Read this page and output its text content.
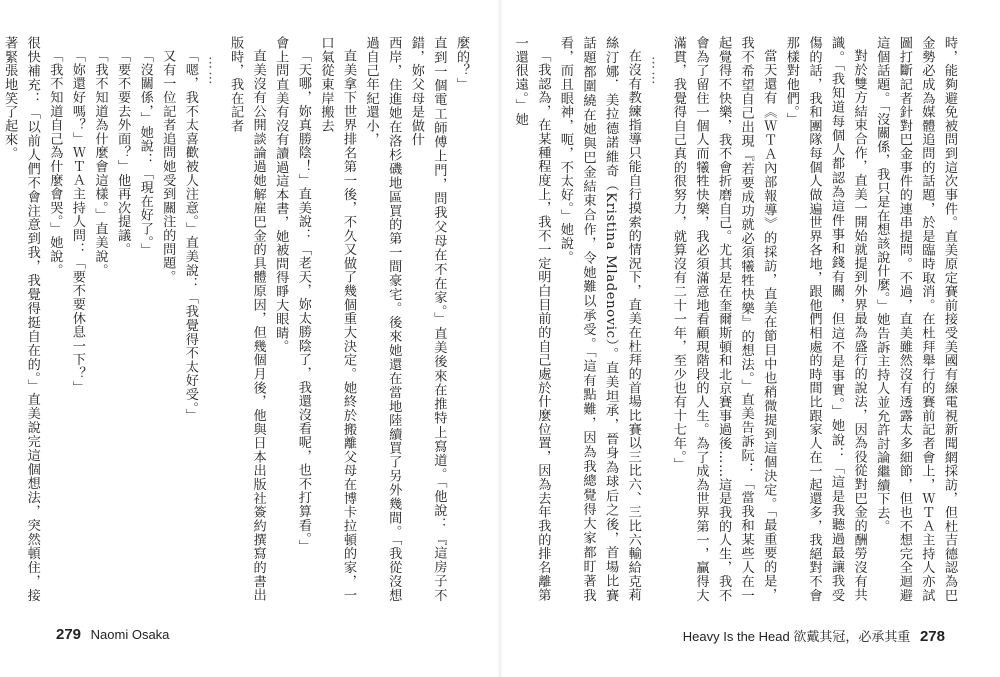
麼的？」

直到一個電工師傅上門，問我父母在不在家。」直美後來在推特上寫道。「他說：『這房子不錯，妳父母是做什

西岸，住進她在洛杉磯地區買的第一間豪宅。後來她還在當地陸續買了另外幾間。「我從沒想過自己年紀還小，

直美拿下世界排名第一後，不久又做了幾個重大決定。她終於搬離父母在博卡拉頓的家，一口氣從東岸搬去

「天哪，妳真勝陰！」直美說：「老天，妳太勝陰了，我還沒看呢，也不打算看。」

會上問直美有沒有讀過這本書，她被問得睜大眼睛。

直美沒有公開談論過她解雇巴金的具體原因，但幾個月後，他與日本出版社簽約撰寫的書出版時，我在記者

……

「嗯，我不太喜歡被人注意。」直美說：「我覺得不太好受。」

又有一位記者追問她受到關注的問題。

「沒關係，」她說：「現在好了。」

「要不要去外面？」他再次提議。

「我不知道為什麼會這樣。」直美說。

「妳還好嗎？」ＷＴＡ主持人問：「要不要休息一下？」

「我不知道自己為什麼會哭。」她說。

很快補充：「以前人們不會注意到我，我覺得挺自在的。」直美說完這個想法，突然頓住，接著緊張地笑了起來。

279 Naomi Osaka

時，能夠避免被問到這次事件。直美原定賽前接受美國有線電視新聞網採訪，但杜吉德認為巴金勢必成為媒體追問的話題，於是臨時取消。在杜拜舉行的賽前記者會上，ＷＴＡ主持人亦試圖打斷記者針對巴金事件的連串提問。不過，直美雖然沒有透露太多細節，但也不想完全迴避這個話題。「沒關係，我只是在想該說什麼。」她告訴主持人並允許討論繼續下去。

對於雙方結束合作，直美一開始就提到外界最為盛行的說法，因為役從對巴金的酬勞沒有共識。「我知道每個人都認為這件事和錢有關，但這不是事實。」她說：「這是我聽過最讓我受傷的話，我和團隊每個人做遍世界各地，跟他們相處的時間比跟家人在一起還多，我絕對不會那樣對他們。」

當天還有《ＷＴＡ內部報導》的採訪，直美在節目中也稍微提到這個決定。「最重要的是，我不希望自己出現『若要成功就必須犧牲快樂』的想法。」直美告訴阮：「當我和某些人在一起覺得不快樂，我不會折磨自己。尤其是在奎爾斯頓和北京賽事過後……這是我的人生，我不會為了留住一個人而犧牲快樂，我必須滿意地看顧現階段的人生。為了成為世界第一，贏得大滿貫，我覺得自己真的很努力，就算沒有二十一年，至少也有十七年。」

……

在沒有教練指導只能自行摸索的情況下，直美在杜拜的首場比賽以三比六、三比六輸給克莉絲汀娜．美拉德諾維奇（Kristina Mladenovic）。直美坦承，晉身為球后之後，首場比賽話題都圍繞在她與巴金結束合作，令她難以承受。「這有點難，因為我總覺得大家都盯著我看，而且眼神，呃，不太好。」她說。

「我認為，在某種程度上，我不一定明白目前的自己處於什麼位置，因為去年我的排名離第一還很遠。」她

Heavy Is the Head 欲戴其冠，必承其重 278
